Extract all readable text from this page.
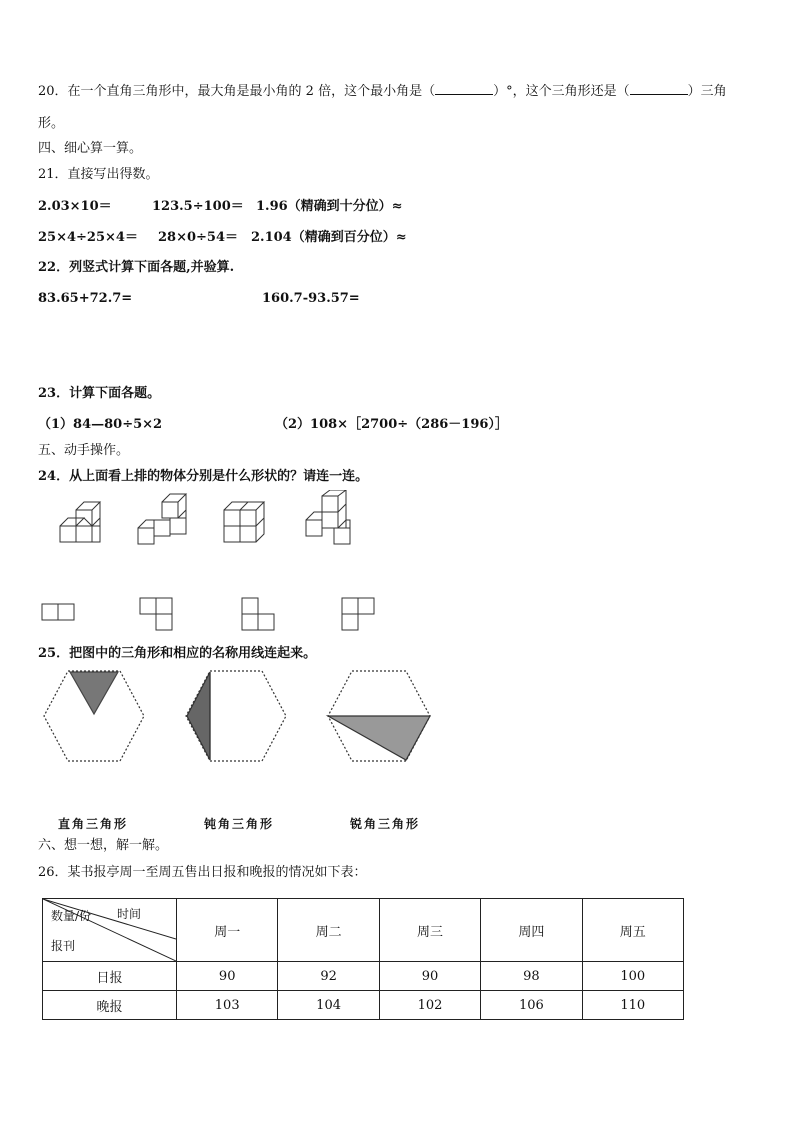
20．在一个直角三角形中，最大角是最小角的 2 倍，这个最小角是（	）°，这个三角形还是（	）三角
形。
四、细心算一算。
21．直接写出得数。
2.03×10＝	123.5÷100＝ 1.96（精确到十分位）≈
25×4÷25×4＝ 28×0÷54＝ 2.104（精确到百分位）≈
22．列竖式计算下面各题,并验算.
83.65+72.7=	160.7-93.57=
23．计算下面各题。
（1）84—80÷5×2	（2）108×［2700÷（286－196）］
五、动手操作。
24．从上面看上排的物体分别是什么形状的？请连一连。
25．把图中的三角形和相应的名称用线连起来。
直角三角形	钝角三角形	锐角三角形
六、想一想，解一解。
26．某书报亭周一至周五售出日报和晚报的情况如下表：
数量/份 时间
报刊	周一	周二	周三	周四	周五
日报	90	92	90	98	100
晚报	103	104	102	106	110
